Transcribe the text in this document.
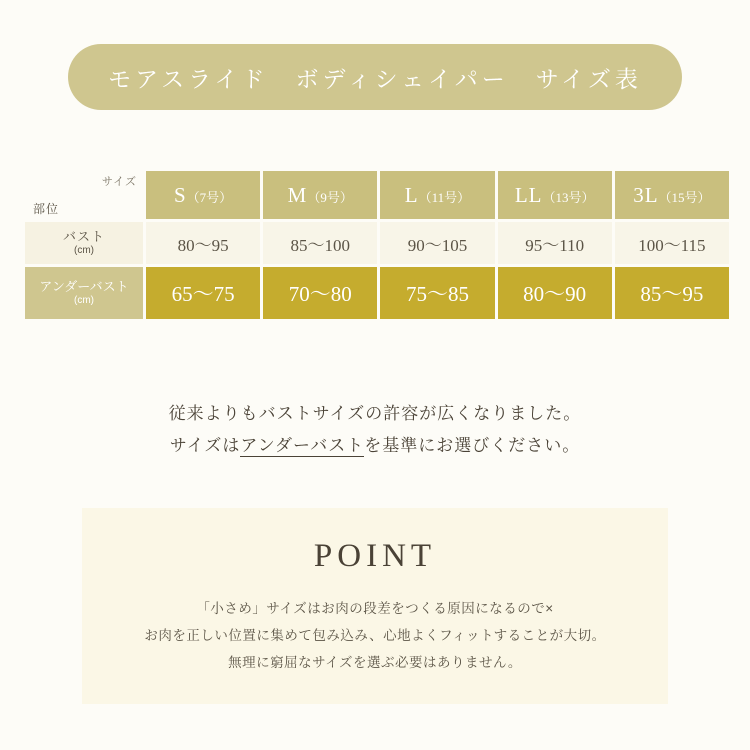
モアスライド　ボディシェイパー　サイズ表
サイズ
部位	S（7号）	M（9号）	L（11号）	LL（13号）	3L（15号）

バスト
(cm)	80〜95	85〜100	90〜105	95〜110	100〜115

アンダーバスト
(cm)	65〜75	70〜80	75〜85	80〜90	85〜95
従来よりもバストサイズの許容が広くなりました。
サイズはアンダーバストを基準にお選びください。
POINT
「小さめ」サイズはお肉の段差をつくる原因になるので×
お肉を正しい位置に集めて包み込み、心地よくフィットすることが大切。
無理に窮屈なサイズを選ぶ必要はありません。
